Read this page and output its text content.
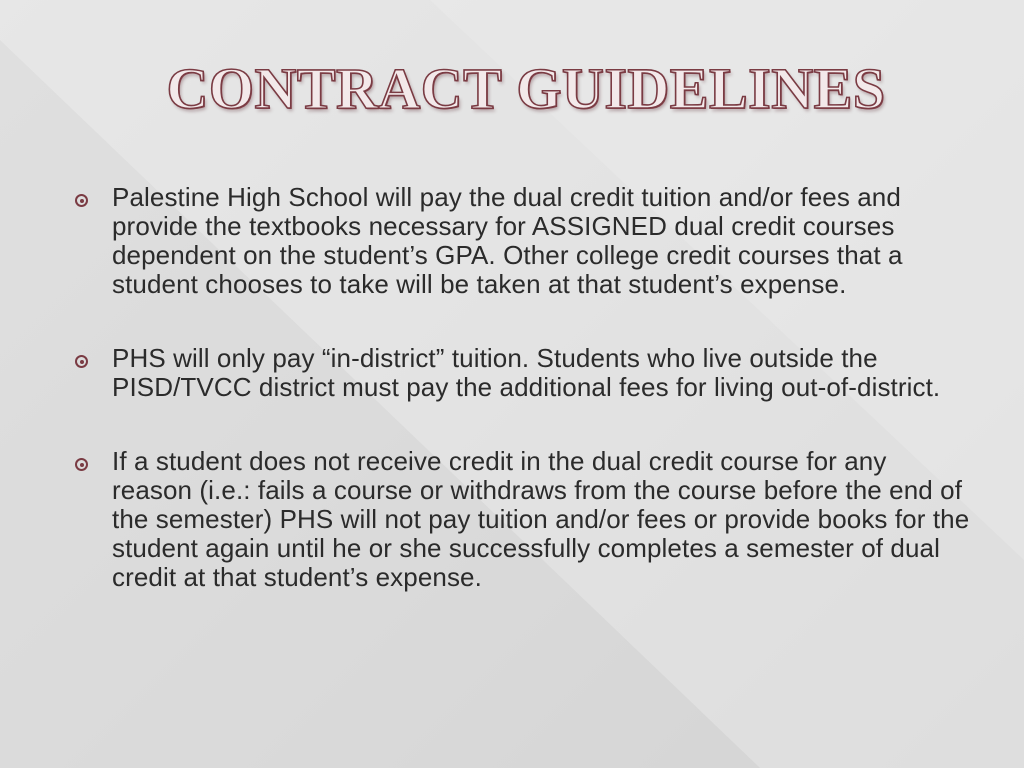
CONTRACT GUIDELINES
Palestine High School will pay the dual credit tuition and/or fees and provide the textbooks necessary for ASSIGNED dual credit courses dependent on the student’s GPA. Other college credit courses that a student chooses to take will be taken at that student’s expense.
PHS will only pay “in-district” tuition. Students who live outside the PISD/TVCC district must pay the additional fees for living out-of-district.
If a student does not receive credit in the dual credit course for any reason (i.e.: fails a course or withdraws from the course before the end of the semester) PHS will not pay tuition and/or fees or provide books for the student again until he or she successfully completes a semester of dual credit at that student’s expense.
